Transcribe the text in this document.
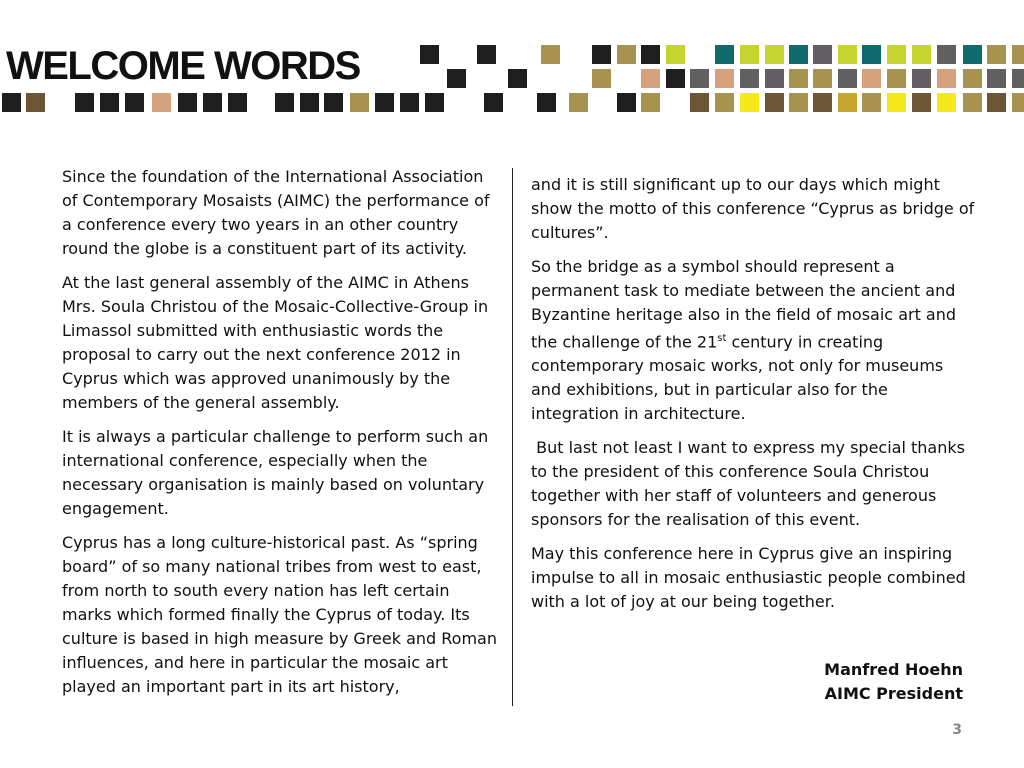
WELCOME WORDS

Since the foundation of the International Association of Contemporary Mosaists (AIMC) the performance of a conference every two years in an other country round the globe is a constituent part of its activity.

At the last general assembly of the AIMC in Athens Mrs. Soula Christou of the Mosaic-Collective-Group in Limassol submitted with enthusiastic words the proposal to carry out the next conference 2012 in Cyprus which was approved unanimously by the members of the general assembly.

It is always a particular challenge to perform such an international conference, especially when the necessary organisation is mainly based on voluntary engagement.

Cyprus has a long culture-historical past. As “spring board” of so many national tribes from west to east, from north to south every nation has left certain marks which formed finally the Cyprus of today. Its culture is based in high measure by Greek and Roman influences, and here in particular the mosaic art played an important part in its art history,

and it is still significant up to our days which might show the motto of this conference “Cyprus as bridge of cultures”.

So the bridge as a symbol should represent a permanent task to mediate between the ancient and Byzantine heritage also in the field of mosaic art and the challenge of the 21st century in creating contemporary mosaic works, not only for museums and exhibitions, but in particular also for the integration in architecture.

But last not least I want to express my special thanks to the president of this conference Soula Christou together with her staff of volunteers and generous sponsors for the realisation of this event.

May this conference here in Cyprus give an inspiring impulse to all in mosaic enthusiastic people combined with a lot of joy at our being together.

Manfred Hoehn
AIMC President
3
